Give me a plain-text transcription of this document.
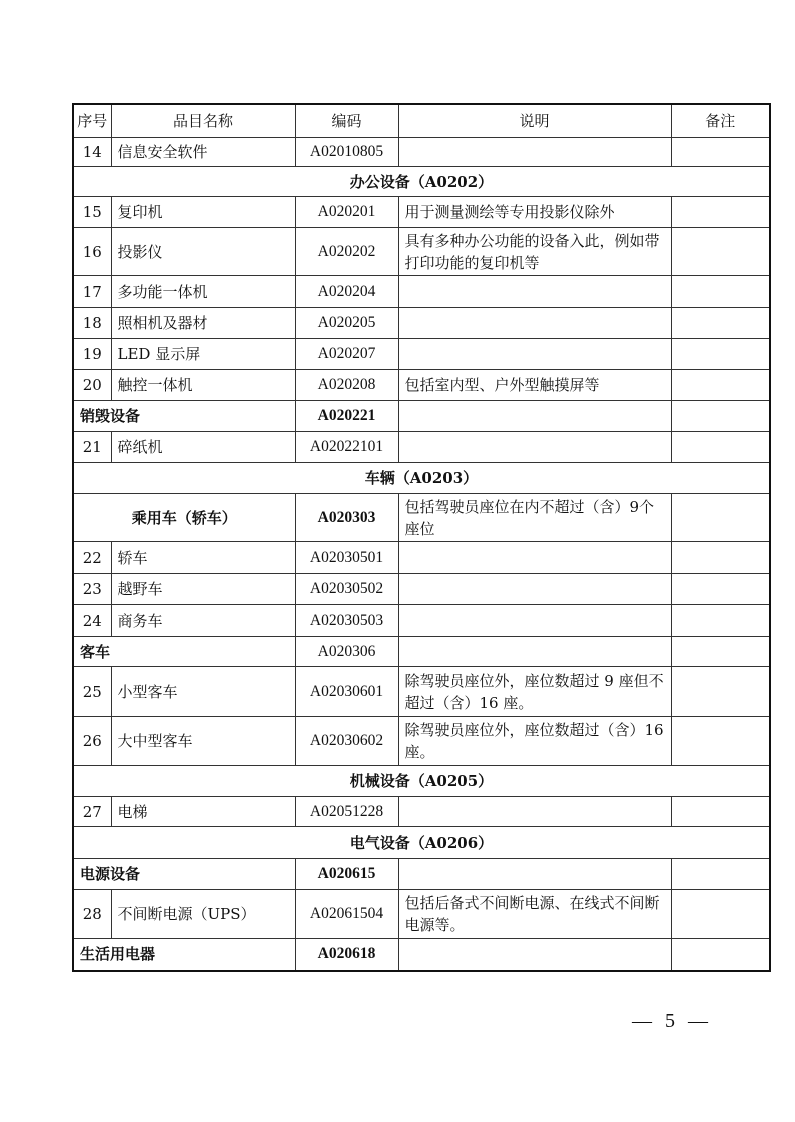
序号	品目名称	编码	说明	备注
14	信息安全软件	A02010805		
办公设备（A0202）				
15	复印机	A020201	用于测量测绘等专用投影仪除外	
16	投影仪	A020202	具有多种办公功能的设备入此，例如带打印功能的复印机等	
17	多功能一体机	A020204		
18	照相机及器材	A020205		
19	LED 显示屏	A020207		
20	触控一体机	A020208	包括室内型、户外型触摸屏等	
销毁设备		A020221		
21	碎纸机	A02022101		
车辆（A0203）				
乘用车（轿车）		A020303	包括驾驶员座位在内不超过（含）9个座位	
22	轿车	A02030501		
23	越野车	A02030502		
24	商务车	A02030503		
客车		A020306		
25	小型客车	A02030601	除驾驶员座位外，座位数超过 9 座但不超过（含）16 座。	
26	大中型客车	A02030602	除驾驶员座位外，座位数超过（含）16 座。	
机械设备（A0205）				
27	电梯	A02051228		
电气设备（A0206）				
电源设备		A020615		
28	不间断电源（UPS）	A02061504	包括后备式不间断电源、在线式不间断电源等。	
生活用电器		A020618		
— 5 —
